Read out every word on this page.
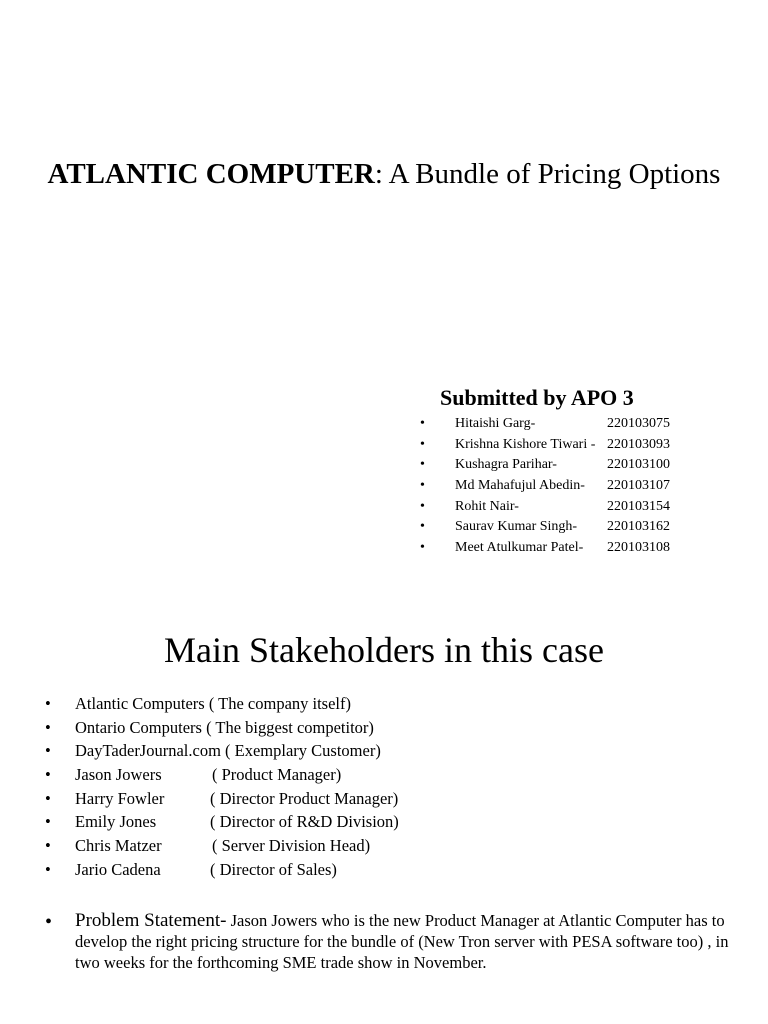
ATLANTIC COMPUTER: A Bundle of Pricing Options
Submitted by APO 3
• Hitaishi Garg-	220103075
• Krishna Kishore Tiwari - 220103093
• Kushagra Parihar-	220103100
• Md Mahafujul Abedin- 220103107
• Rohit Nair-	220103154
• Saurav Kumar Singh- 220103162
• Meet Atulkumar Patel- 220103108
Main Stakeholders in this case
• Atlantic Computers ( The company itself)
• Ontario Computers ( The biggest competitor)
• DayTaderJournal.com ( Exemplary Customer)
• Jason Jowers	( Product Manager)
• Harry Fowler	( Director Product Manager)
• Emily Jones	( Director of R&D Division)
• Chris Matzer	( Server Division Head)
• Jario Cadena	( Director of Sales)
• Problem Statement- Jason Jowers who is the new Product Manager at Atlantic Computer has to develop the right pricing structure for the bundle of (New Tron server with PESA software too) , in two weeks for the forthcoming SME trade show in November.
